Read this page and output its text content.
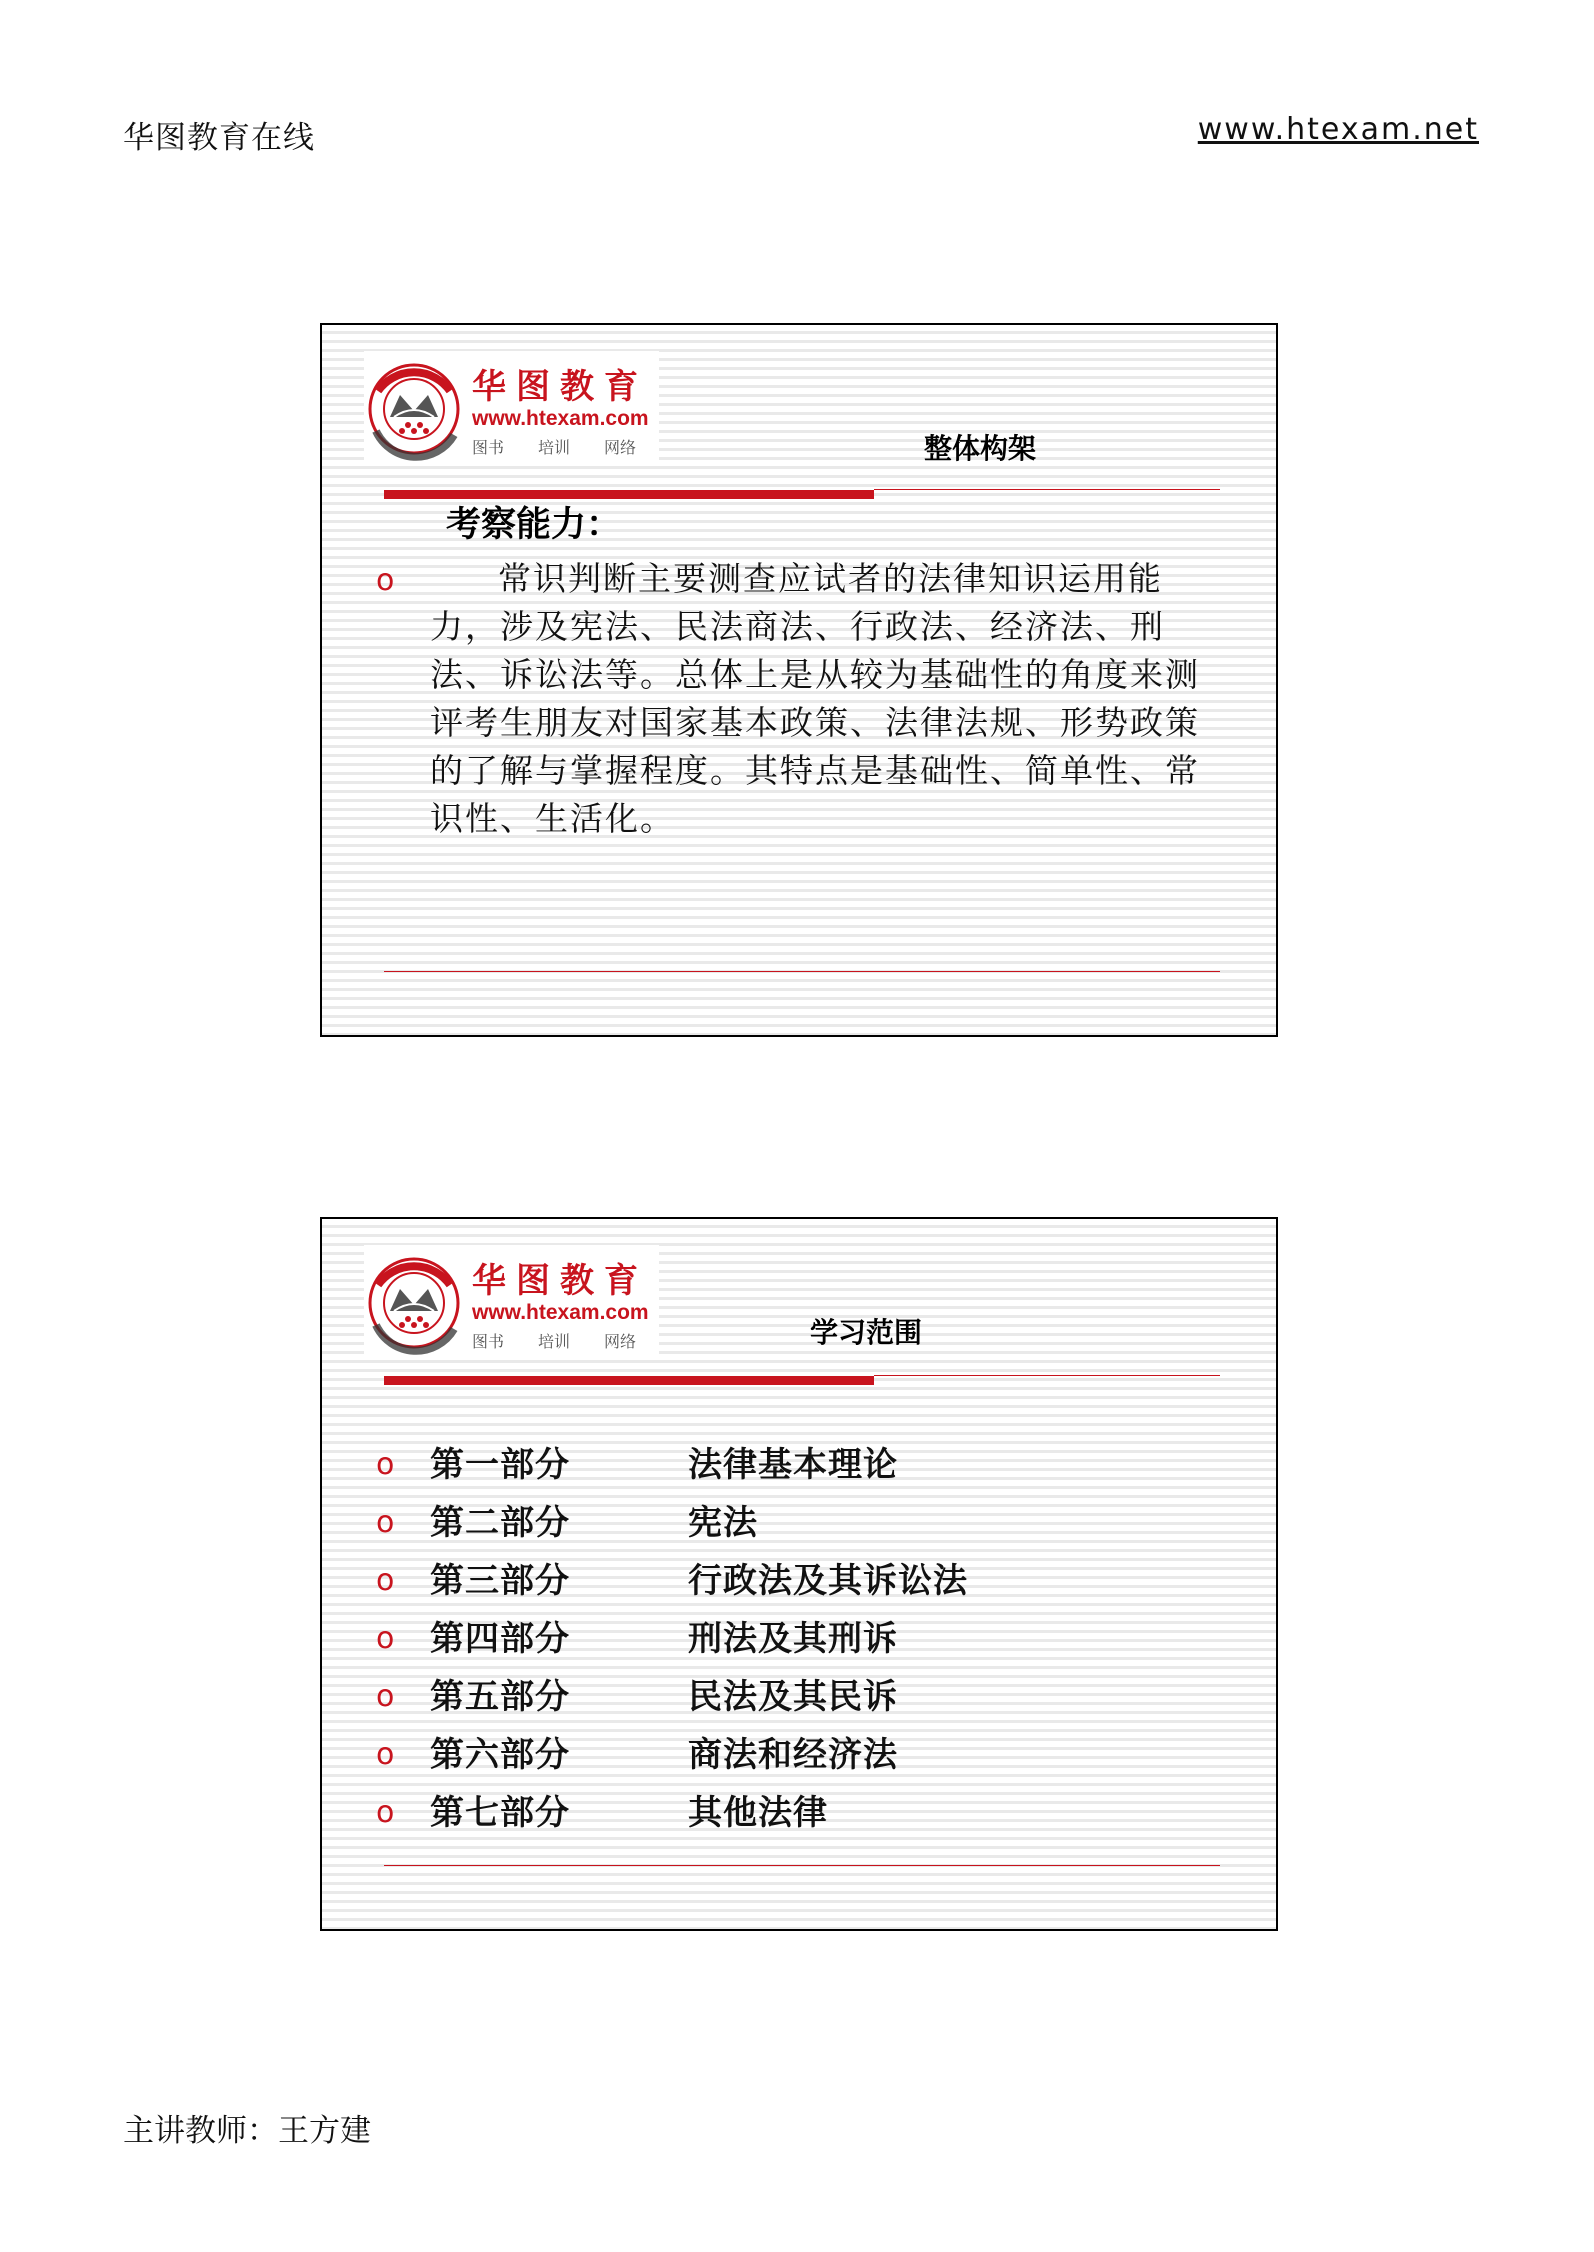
华图教育在线	www.htexam.net
华图教育
www.htexam.com
图书 培训 网络	整体构架
考察能力：
o	常识判断主要测查应试者的法律知识运用能力，涉及宪法、民法商法、行政法、经济法、刑法、诉讼法等。总体上是从较为基础性的角度来测评考生朋友对国家基本政策、法律法规、形势政策的了解与掌握程度。其特点是基础性、简单性、常识性、生活化。
华图教育
www.htexam.com
图书 培训 网络	学习范围
o 第一部分	法律基本理论
o 第二部分	宪法
o 第三部分	行政法及其诉讼法
o 第四部分	刑法及其刑诉
o 第五部分	民法及其民诉
o 第六部分	商法和经济法
o 第七部分	其他法律
主讲教师：王方建
